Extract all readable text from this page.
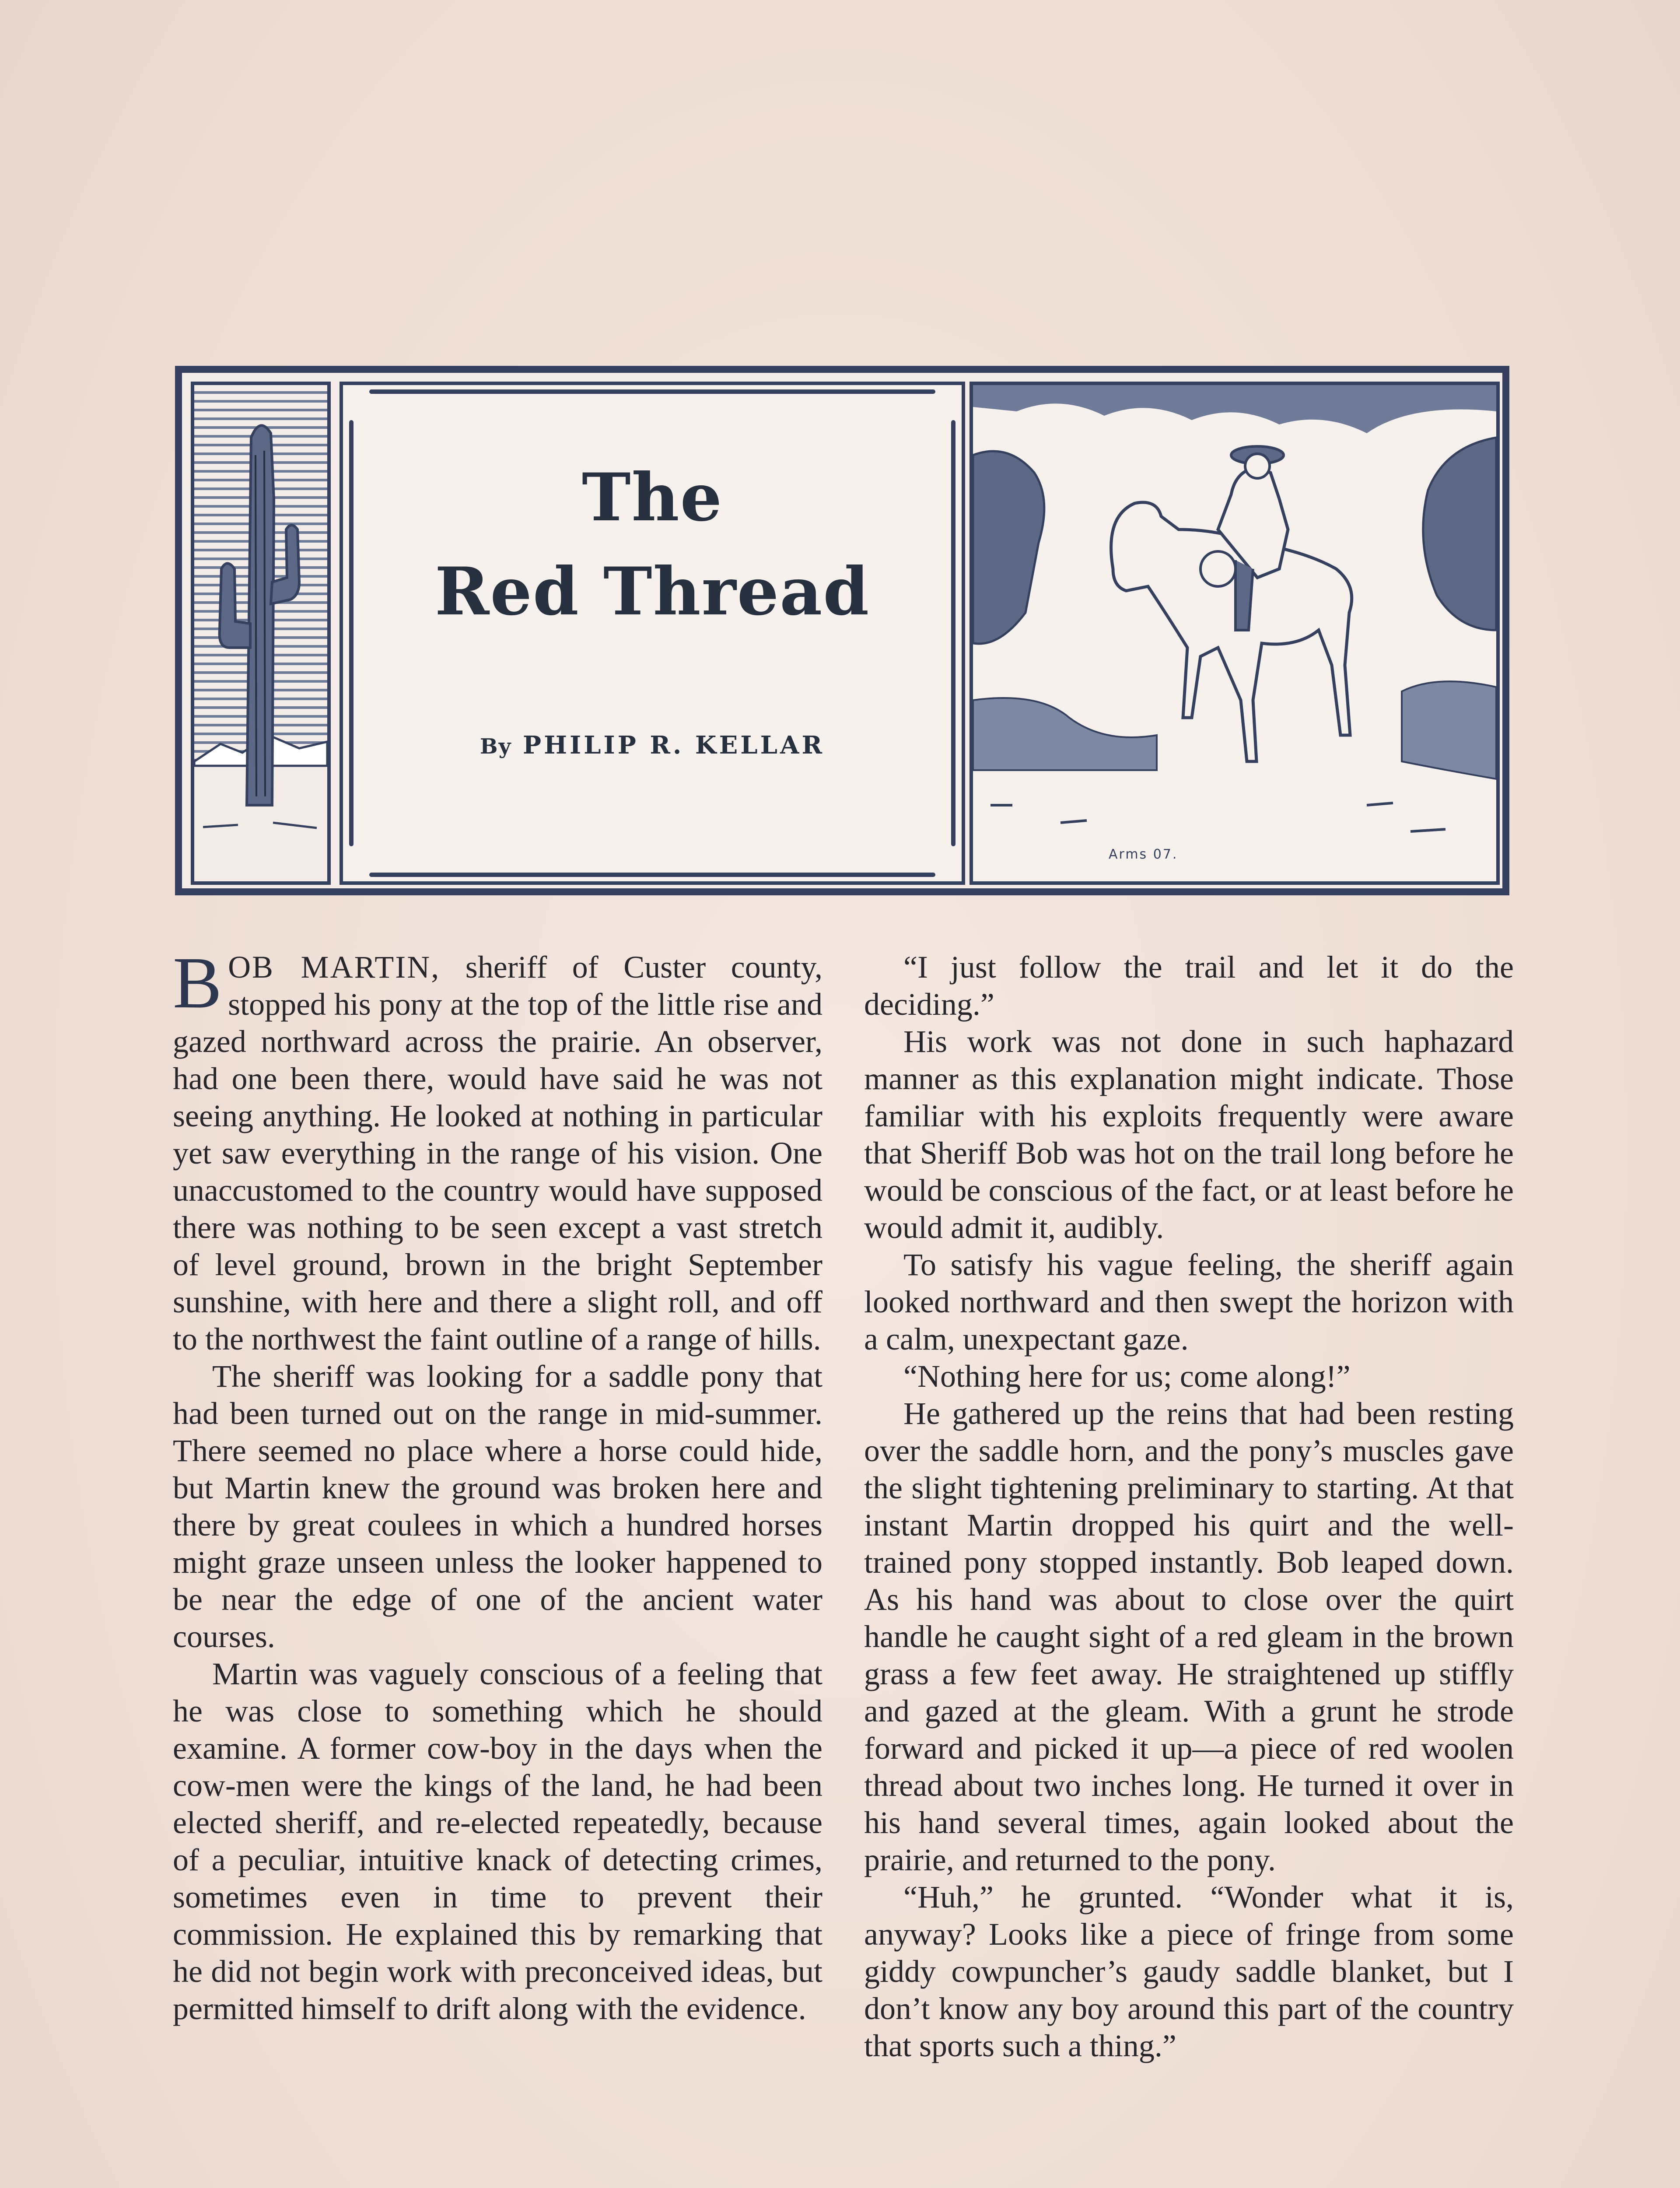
The
Red Thread
By PHILIP R. KELLAR
Arms 07.

BOB MARTIN, sheriff of Custer county, stopped his pony at the top of the little rise and gazed northward across the prairie. An observer, had one been there, would have said he was not seeing anything. He looked at nothing in particular yet saw everything in the range of his vision. One unaccustomed to the country would have supposed there was nothing to be seen except a vast stretch of level ground, brown in the bright September sunshine, with here and there a slight roll, and off to the northwest the faint outline of a range of hills.

The sheriff was looking for a saddle pony that had been turned out on the range in mid-summer. There seemed no place where a horse could hide, but Martin knew the ground was broken here and there by great coulees in which a hundred horses might graze unseen unless the looker happened to be near the edge of one of the ancient water courses.

Martin was vaguely conscious of a feeling that he was close to something which he should examine. A former cow-boy in the days when the cow-men were the kings of the land, he had been elected sheriff, and re-elected repeatedly, because of a peculiar, intuitive knack of detecting crimes, sometimes even in time to prevent their commission. He explained this by remarking that he did not begin work with preconceived ideas, but permitted himself to drift along with the evidence.

“I just follow the trail and let it do the deciding.”

His work was not done in such haphazard manner as this explanation might indicate. Those familiar with his exploits frequently were aware that Sheriff Bob was hot on the trail long before he would be conscious of the fact, or at least before he would admit it, audibly.

To satisfy his vague feeling, the sheriff again looked northward and then swept the horizon with a calm, unexpectant gaze.

“Nothing here for us; come along!”

He gathered up the reins that had been resting over the saddle horn, and the pony’s muscles gave the slight tightening preliminary to starting. At that instant Martin dropped his quirt and the well-trained pony stopped instantly. Bob leaped down. As his hand was about to close over the quirt handle he caught sight of a red gleam in the brown grass a few feet away. He straightened up stiffly and gazed at the gleam. With a grunt he strode forward and picked it up—a piece of red woolen thread about two inches long. He turned it over in his hand several times, again looked about the prairie, and returned to the pony.

“Huh,” he grunted. “Wonder what it is, anyway? Looks like a piece of fringe from some giddy cowpuncher’s gaudy saddle blanket, but I don’t know any boy around this part of the country that sports such a thing.”
